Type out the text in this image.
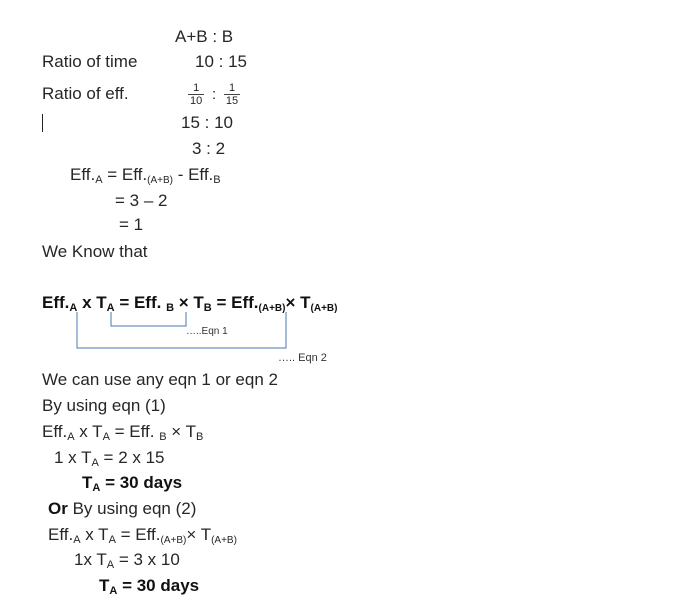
A+B : B
Ratio of time	10 : 15
Ratio of eff.	$\frac{1}{10}$ : $\frac{1}{15}$
15 : 10
3 : 2
$Eff._A = Eff.(A+B) - Eff._B$
= 3 – 2
= 1
We Know that
$Eff._A$ x $T_A$ = Eff. $_B \times T_B = Eff.(A+B)\times T(A+B)$
…..Eqn 1
….. Eqn 2
We can use any eqn 1 or eqn 2
By using eqn (1)
$Eff._A$ x $T_A$ = Eff. $_B \times T_B$
1 x $T_A = 2$ x 15
$T_A = 30$ days
Or By using eqn (2)
$Eff._A$ x $T_A = Eff.(A+B)\times T(A+B)$
1x $T_A = 3$ x 10
$T_A = 30$ days
